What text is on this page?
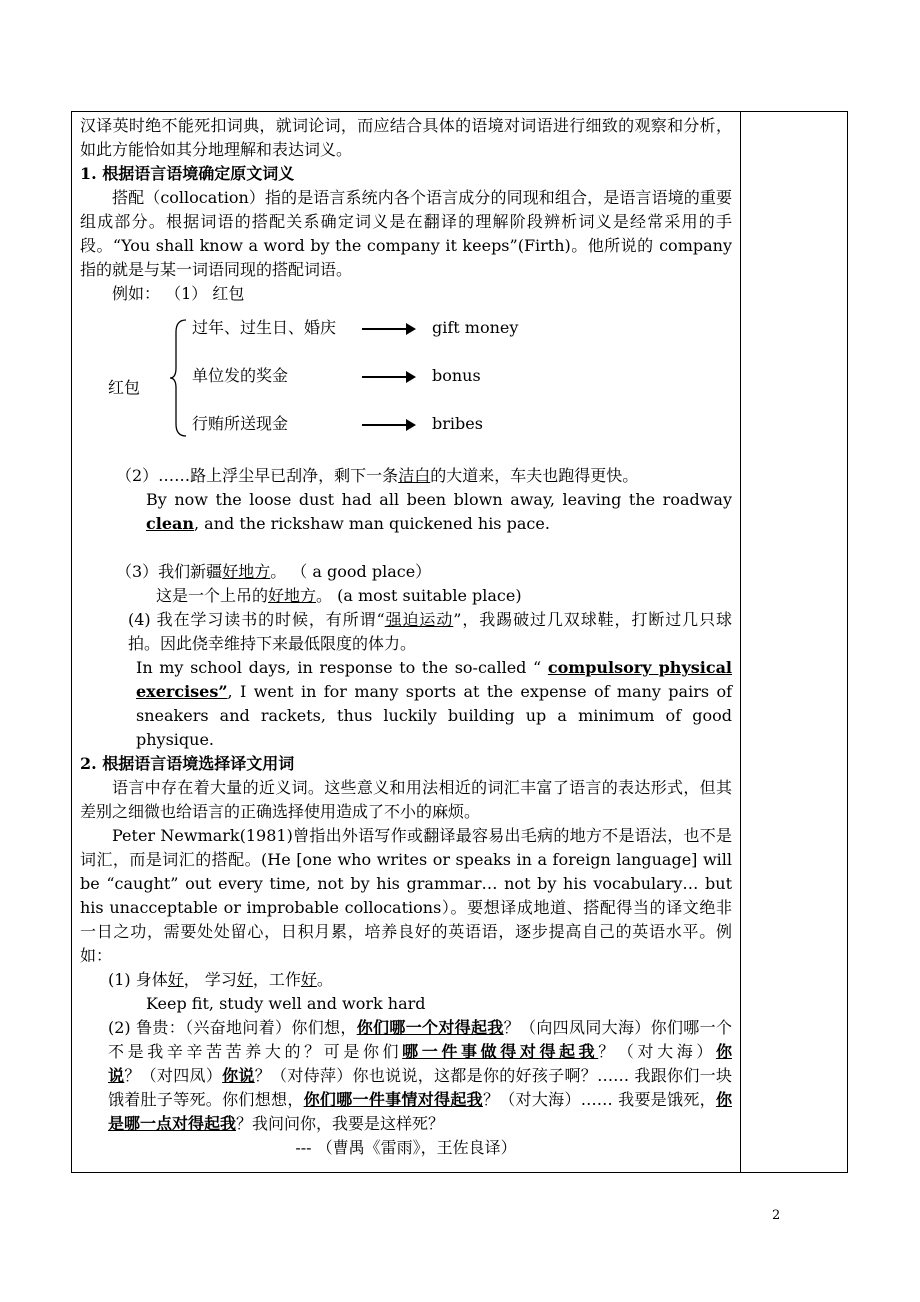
汉译英时绝不能死扣词典，就词论词，而应结合具体的语境对词语进行细致的观察和分析，如此方能恰如其分地理解和表达词义。

1. 根据语言语境确定原文词义

搭配（collocation）指的是语言系统内各个语言成分的同现和组合，是语言语境的重要组成部分。根据词语的搭配关系确定词义是在翻译的理解阶段辨析词义是经常采用的手段。“You shall know a word by the company it keeps”(Firth)。他所说的 company 指的就是与某一词语同现的搭配词语。

例如： （1） 红包

红包
过年、过生日、婚庆	gift money
单位发的奖金	bonus
行贿所送现金	bribes

（2）……路上浮尘早已刮净，剩下一条洁白的大道来，车夫也跑得更快。

By now the loose dust had all been blown away, leaving the roadway clean, and the rickshaw man quickened his pace.

（3）我们新疆好地方。 （ a good place）

这是一个上吊的好地方。 (a most suitable place)

(4) 我在学习读书的时候，有所谓“强迫运动”，我踢破过几双球鞋，打断过几只球拍。因此侥幸维持下来最低限度的体力。

In my school days, in response to the so-called “ compulsory physical exercises”, I went in for many sports at the expense of many pairs of sneakers and rackets, thus luckily building up a minimum of good physique.

2. 根据语言语境选择译文用词

语言中存在着大量的近义词。这些意义和用法相近的词汇丰富了语言的表达形式，但其差别之细微也给语言的正确选择使用造成了不小的麻烦。

Peter Newmark(1981)曾指出外语写作或翻译最容易出毛病的地方不是语法，也不是词汇，而是词汇的搭配。(He [one who writes or speaks in a foreign language] will be “caught” out every time, not by his grammar… not by his vocabulary… but his unacceptable or improbable collocations）。要想译成地道、搭配得当的译文绝非一日之功，需要处处留心，日积月累，培养良好的英语语，逐步提高自己的英语水平。例如：

(1) 身体好， 学习好，工作好。

Keep fit, study well and work hard

(2) 鲁贵：（兴奋地问着）你们想，你们哪一个对得起我？（向四凤同大海）你们哪一个不是我辛辛苦苦养大的？可是你们哪一件事做得对得起我？（对大海）你说？（对四凤）你说？（对侍萍）你也说说，这都是你的好孩子啊？…… 我跟你们一块饿着肚子等死。你们想想，你们哪一件事情对得起我？（对大海）…… 我要是饿死，你是哪一点对得起我？我问问你，我要是这样死？

--- （曹禺《雷雨》，王佐良译）

2
